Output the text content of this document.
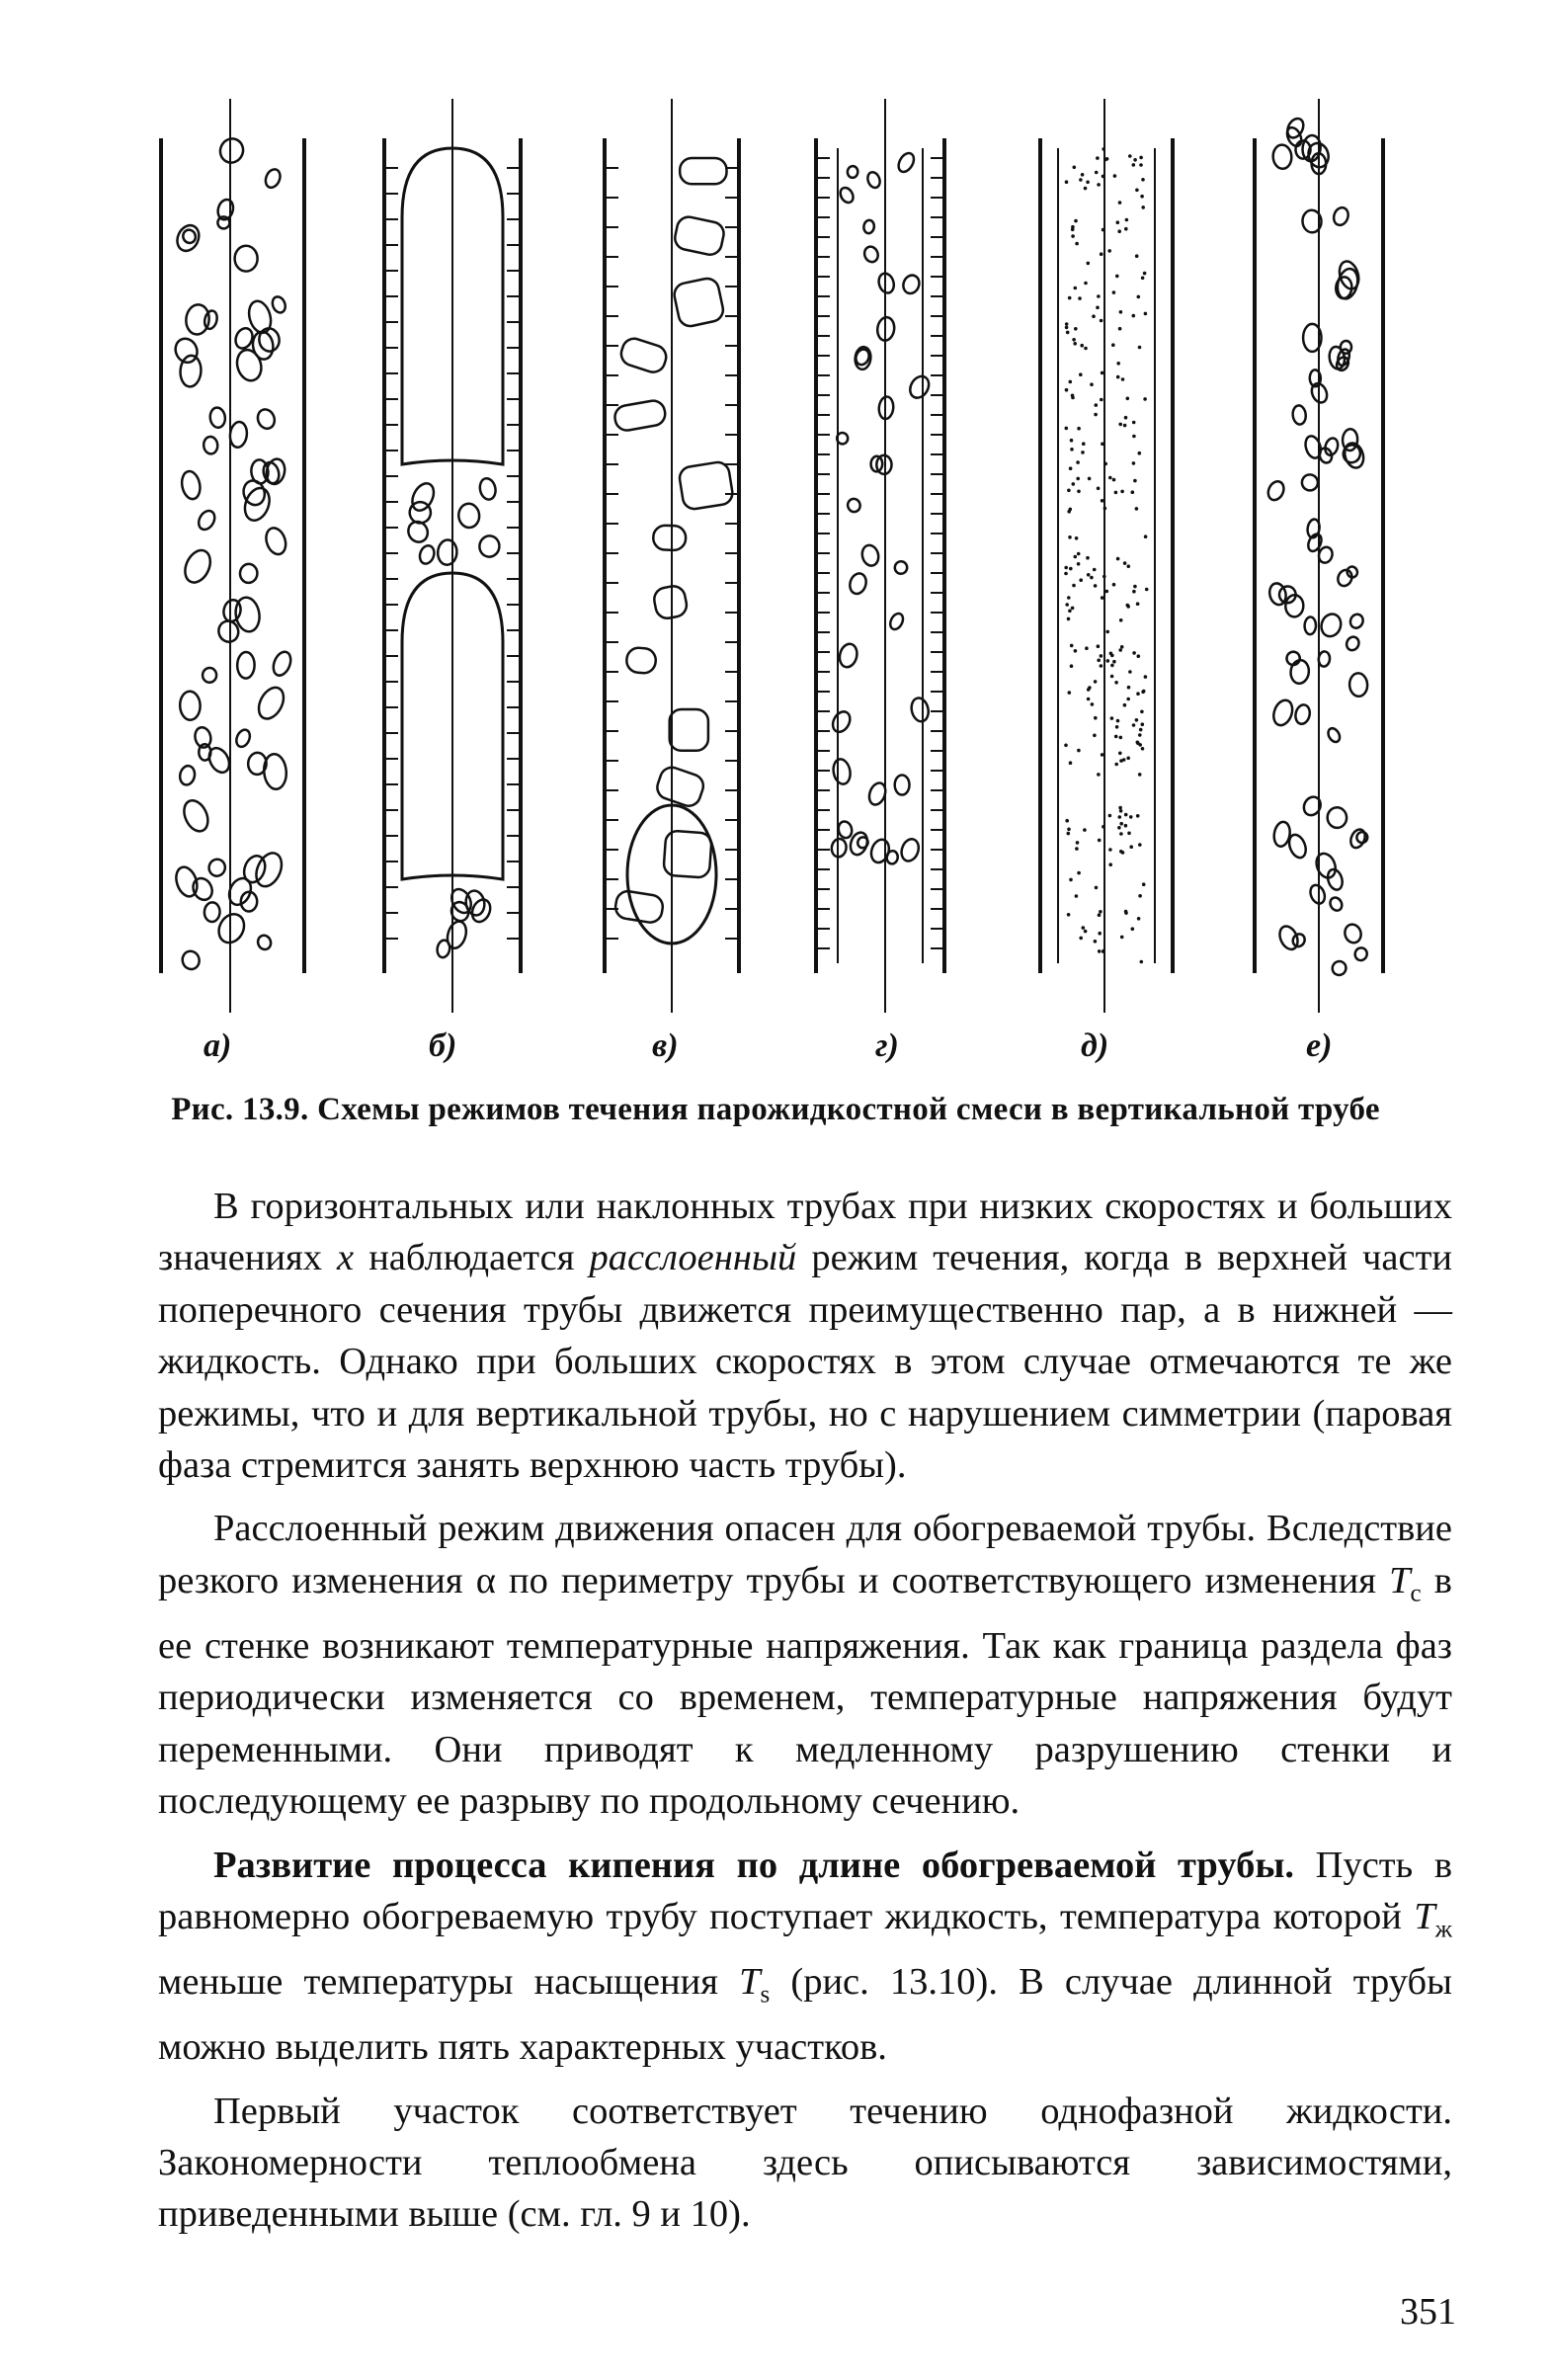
а)	б)	в)	г)	д)	е)
Рис. 13.9. Схемы режимов течения парожидкостной смеси в вертикальной трубе

В горизонтальных или наклонных трубах при низких скоростях и больших значениях x наблюдается расслоенный режим течения, когда в верхней части поперечного сечения трубы движется преимущественно пар, а в нижней — жидкость. Однако при больших скоростях в этом случае отмечаются те же режимы, что и для вертикальной трубы, но с нарушением симметрии (паровая фаза стремится занять верхнюю часть трубы).

Расслоенный режим движения опасен для обогреваемой трубы. Вследствие резкого изменения α по периметру трубы и соответствующего изменения $T_c$ в ее стенке возникают температурные напряжения. Так как граница раздела фаз периодически изменяется со временем, температурные напряжения будут переменными. Они приводят к медленному разрушению стенки и последующему ее разрыву по продольному сечению.

Развитие процесса кипения по длине обогреваемой трубы. Пусть в равномерно обогреваемую трубу поступает жидкость, температура которой $T_ж$ меньше температуры насыщения $T_s$ (рис. 13.10). В случае длинной трубы можно выделить пять характерных участков.

Первый участок соответствует течению однофазной жидкости. Закономерности теплообмена здесь описываются зависимостями, приведенными выше (см. гл. 9 и 10).

351
